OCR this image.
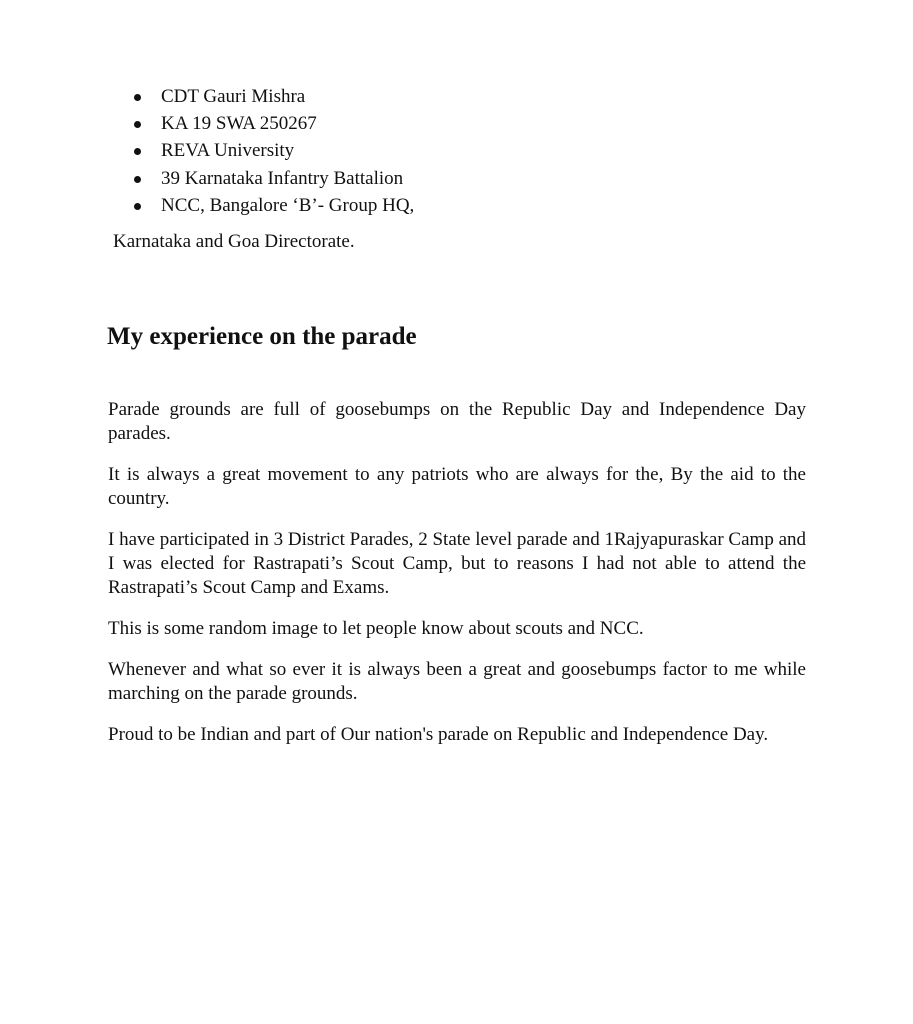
CDT Gauri Mishra
KA 19 SWA 250267
REVA University
39 Karnataka Infantry Battalion
NCC, Bangalore ‘B’- Group HQ,

Karnataka and Goa Directorate.

My experience on the parade

Parade grounds are full of goosebumps on the Republic Day and Independence Day parades.

It is always a great movement to any patriots who are always for the, By the aid to the country.

I have participated in 3 District Parades, 2 State level parade and 1Rajyapuraskar Camp and I was elected for Rastrapati’s Scout Camp, but to reasons I had not able to attend the Rastrapati’s Scout Camp and Exams.

This is some random image to let people know about scouts and NCC.

Whenever and what so ever it is always been a great and goosebumps factor to me while marching on the parade grounds.

Proud to be Indian and part of Our nation's parade on Republic and Independence Day.
